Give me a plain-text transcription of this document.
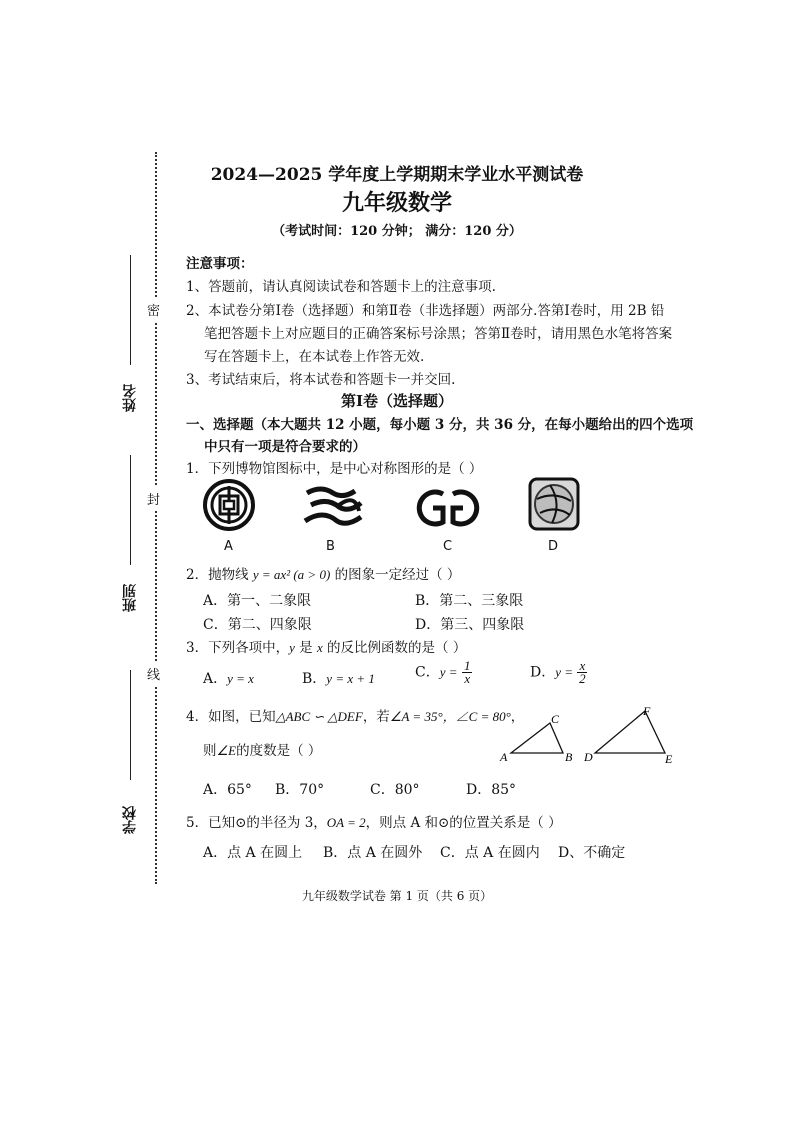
密
封
线
姓名
班别
学校
2024—2025 学年度上学期期末学业水平测试卷
九年级数学
（考试时间：120 分钟； 满分：120 分）
注意事项：
1、答题前，请认真阅读试卷和答题卡上的注意事项.
2、本试卷分第Ⅰ卷（选择题）和第Ⅱ卷（非选择题）两部分.答第Ⅰ卷时，用 2B 铅
笔把答题卡上对应题目的正确答案标号涂黑；答第Ⅱ卷时，请用黑色水笔将答案
写在答题卡上，在本试卷上作答无效.
3、考试结束后，将本试卷和答题卡一并交回.
第Ⅰ卷（选择题）
一、选择题（本大题共 12 小题，每小题 3 分，共 36 分，在每小题给出的四个选项
中只有一项是符合要求的）
1．下列博物馆图标中，是中心对称图形的是（ ）
A	B	C	D
2．抛物线 y = ax² (a > 0) 的图象一定经过（ ）
A．第一、二象限	B．第二、三象限
C．第二、四象限	D．第三、四象限
3．下列各项中，y 是 x 的反比例函数的是（ ）
A．y = x	B．y = x + 1	C．$y = \frac{1}{x}$	D．$y = \frac{x}{2}$
4．如图，已知△ABC ∽ △DEF，若∠A = 35°，∠C = 80°，
则∠E的度数是（ ）	A	B
C
D	E
F
A．65° B．70°	C．80°	D．85°
5．已知⊙的半径为 3，OA = 2，则点 A 和⊙的位置关系是（ ）
A．点 A 在圆上 B．点 A 在圆外 C．点 A 在圆内 D、不确定
九年级数学试卷 第 1 页（共 6 页）
